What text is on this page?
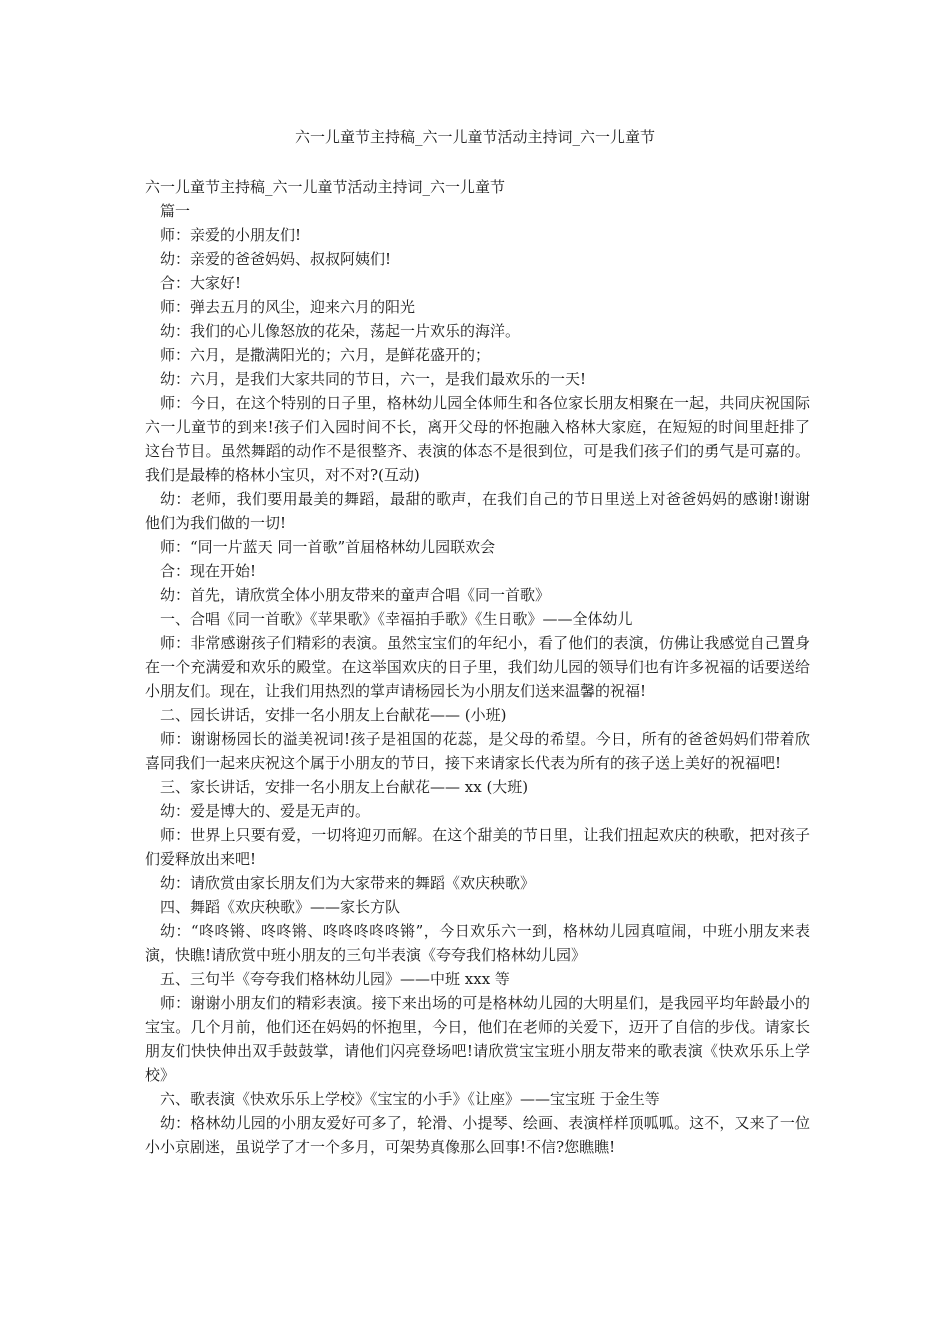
六一儿童节主持稿_六一儿童节活动主持词_六一儿童节

六一儿童节主持稿_六一儿童节活动主持词_六一儿童节

篇一

师：亲爱的小朋友们!

幼：亲爱的爸爸妈妈、叔叔阿姨们!

合：大家好!

师：弹去五月的风尘，迎来六月的阳光

幼：我们的心儿像怒放的花朵，荡起一片欢乐的海洋。

师：六月，是撒满阳光的；六月，是鲜花盛开的；

幼：六月，是我们大家共同的节日，六一，是我们最欢乐的一天!

师：今日，在这个特别的日子里，格林幼儿园全体师生和各位家长朋友相聚在一起，共同庆祝国际六一儿童节的到来!孩子们入园时间不长，离开父母的怀抱融入格林大家庭，在短短的时间里赶排了这台节目。虽然舞蹈的动作不是很整齐、表演的体态不是很到位，可是我们孩子们的勇气是可嘉的。我们是最棒的格林小宝贝，对不对?(互动)

幼：老师，我们要用最美的舞蹈，最甜的歌声，在我们自己的节日里送上对爸爸妈妈的感谢!谢谢他们为我们做的一切!

师：“同一片蓝天 同一首歌”首届格林幼儿园联欢会

合：现在开始!

幼：首先，请欣赏全体小朋友带来的童声合唱《同一首歌》

一、合唱《同一首歌》《苹果歌》《幸福拍手歌》《生日歌》——全体幼儿

师：非常感谢孩子们精彩的表演。虽然宝宝们的年纪小，看了他们的表演，仿佛让我感觉自己置身在一个充满爱和欢乐的殿堂。在这举国欢庆的日子里，我们幼儿园的领导们也有许多祝福的话要送给小朋友们。现在，让我们用热烈的掌声请杨园长为小朋友们送来温馨的祝福!

二、园长讲话，安排一名小朋友上台献花—— (小班)

师：谢谢杨园长的溢美祝词!孩子是祖国的花蕊，是父母的希望。今日，所有的爸爸妈妈们带着欣喜同我们一起来庆祝这个属于小朋友的节日，接下来请家长代表为所有的孩子送上美好的祝福吧!

三、家长讲话，安排一名小朋友上台献花—— xx (大班)

幼：爱是博大的、爱是无声的。

师：世界上只要有爱，一切将迎刃而解。在这个甜美的节日里，让我们扭起欢庆的秧歌，把对孩子们爱释放出来吧!

幼：请欣赏由家长朋友们为大家带来的舞蹈《欢庆秧歌》

四、舞蹈《欢庆秧歌》——家长方队

幼：“咚咚锵、咚咚锵、咚咚咚咚咚锵”，今日欢乐六一到，格林幼儿园真喧闹，中班小朋友来表演，快瞧!请欣赏中班小朋友的三句半表演《夸夸我们格林幼儿园》

五、三句半《夸夸我们格林幼儿园》——中班 xxx 等

师：谢谢小朋友们的精彩表演。接下来出场的可是格林幼儿园的大明星们，是我园平均年龄最小的宝宝。几个月前，他们还在妈妈的怀抱里，今日，他们在老师的关爱下，迈开了自信的步伐。请家长朋友们快快伸出双手鼓鼓掌，请他们闪亮登场吧!请欣赏宝宝班小朋友带来的歌表演《快欢乐乐上学校》

六、歌表演《快欢乐乐上学校》《宝宝的小手》《让座》——宝宝班 于金生等

幼：格林幼儿园的小朋友爱好可多了，轮滑、小提琴、绘画、表演样样顶呱呱。这不，又来了一位小小京剧迷，虽说学了才一个多月，可架势真像那么回事!不信?您瞧瞧!
